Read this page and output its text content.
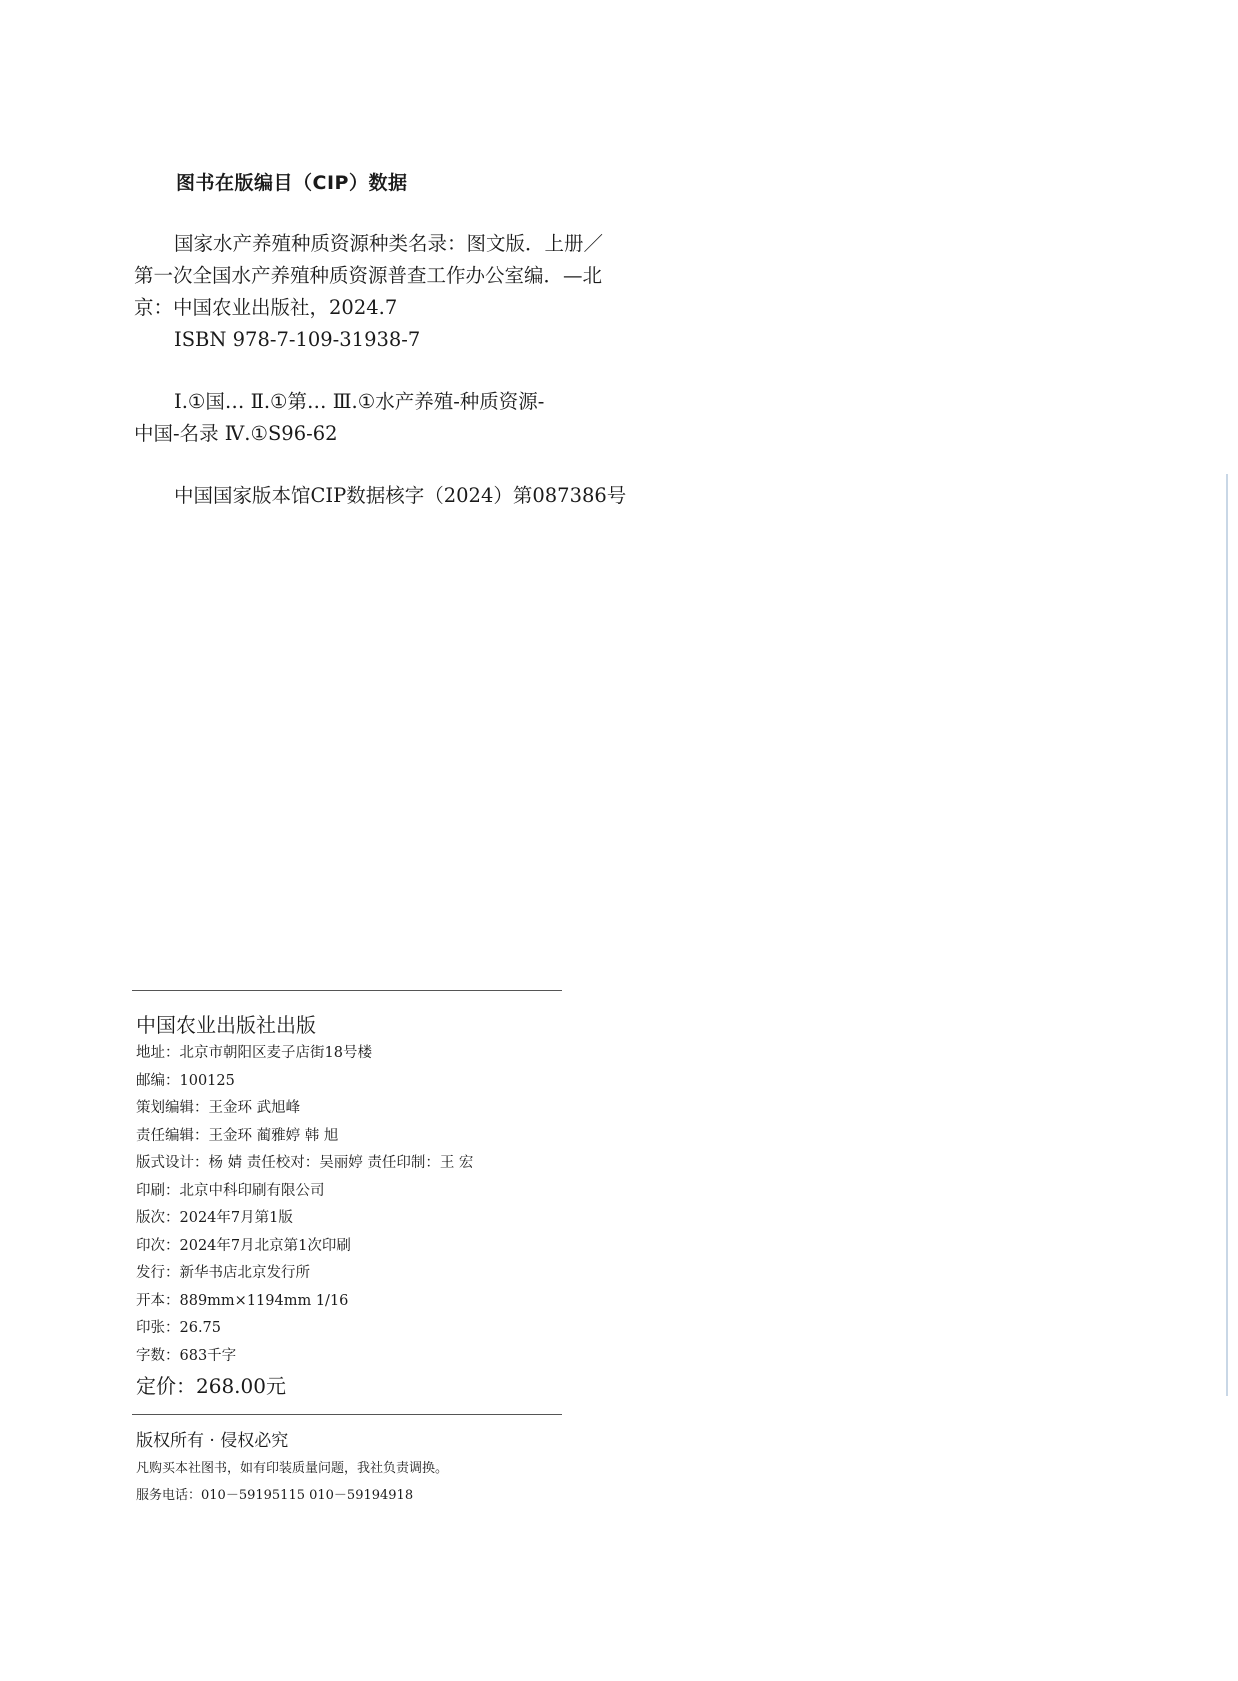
图书在版编目（CIP）数据
国家水产养殖种质资源种类名录：图文版．上册／
第一次全国水产养殖种质资源普查工作办公室编．—北
京：中国农业出版社，2024.7
ISBN 978-7-109-31938-7
Ⅰ.①国… Ⅱ.①第… Ⅲ.①水产养殖-种质资源-
中国-名录 Ⅳ.①S96-62
中国国家版本馆CIP数据核字（2024）第087386号
中国农业出版社出版
地址：北京市朝阳区麦子店街18号楼
邮编：100125
策划编辑：王金环 武旭峰
责任编辑：王金环 蔺雅婷 韩 旭
版式设计：杨 婧 责任校对：吴丽婷 责任印制：王 宏
印刷：北京中科印刷有限公司
版次：2024年7月第1版
印次：2024年7月北京第1次印刷
发行：新华书店北京发行所
开本：889mm×1194mm 1/16
印张：26.75
字数：683千字
定价：268.00元
版权所有 · 侵权必究
凡购买本社图书，如有印装质量问题，我社负责调换。
服务电话：010－59195115 010－59194918
